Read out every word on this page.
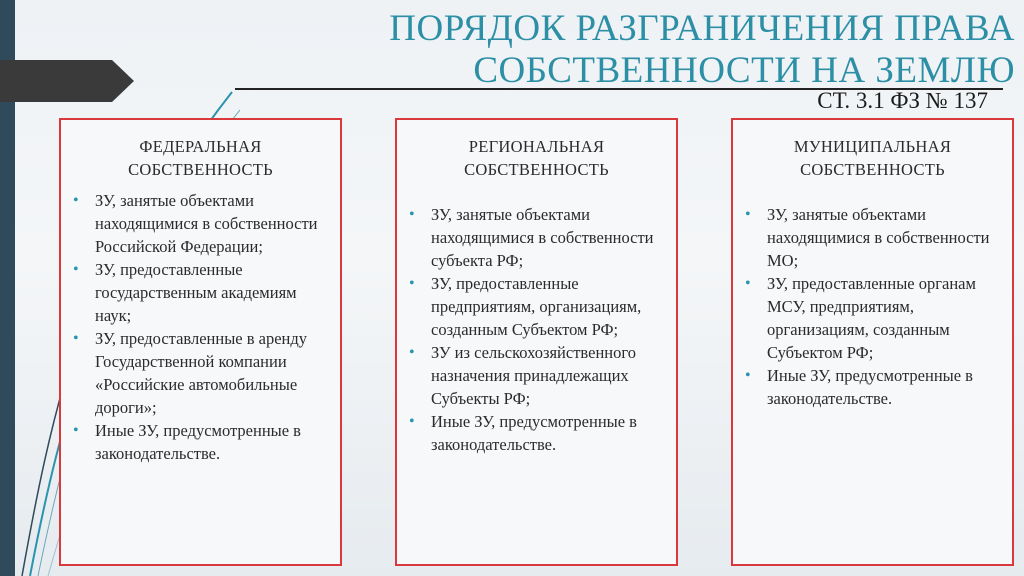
ПОРЯДОК РАЗГРАНИЧЕНИЯ ПРАВА
СОБСТВЕННОСТИ НА ЗЕМЛЮ
СТ. 3.1 ФЗ № 137
ФЕДЕРАЛЬНАЯ
СОБСТВЕННОСТЬ
• ЗУ, занятые объектами находящимися в собственности Российской Федерации;
• ЗУ, предоставленные государственным академиям наук;
• ЗУ, предоставленные в аренду Государственной компании «Российские автомобильные дороги»;
• Иные ЗУ, предусмотренные в законодательстве.
РЕГИОНАЛЬНАЯ
СОБСТВЕННОСТЬ
• ЗУ, занятые объектами находящимися в собственности субъекта РФ;
• ЗУ, предоставленные предприятиям, организациям, созданным Субъектом РФ;
• ЗУ из сельскохозяйственного назначения принадлежащих Субъекты РФ;
• Иные ЗУ, предусмотренные в законодательстве.
МУНИЦИПАЛЬНАЯ
СОБСТВЕННОСТЬ
• ЗУ, занятые объектами находящимися в собственности МО;
• ЗУ, предоставленные органам МСУ, предприятиям, организациям, созданным Субъектом РФ;
• Иные ЗУ, предусмотренные в законодательстве.
